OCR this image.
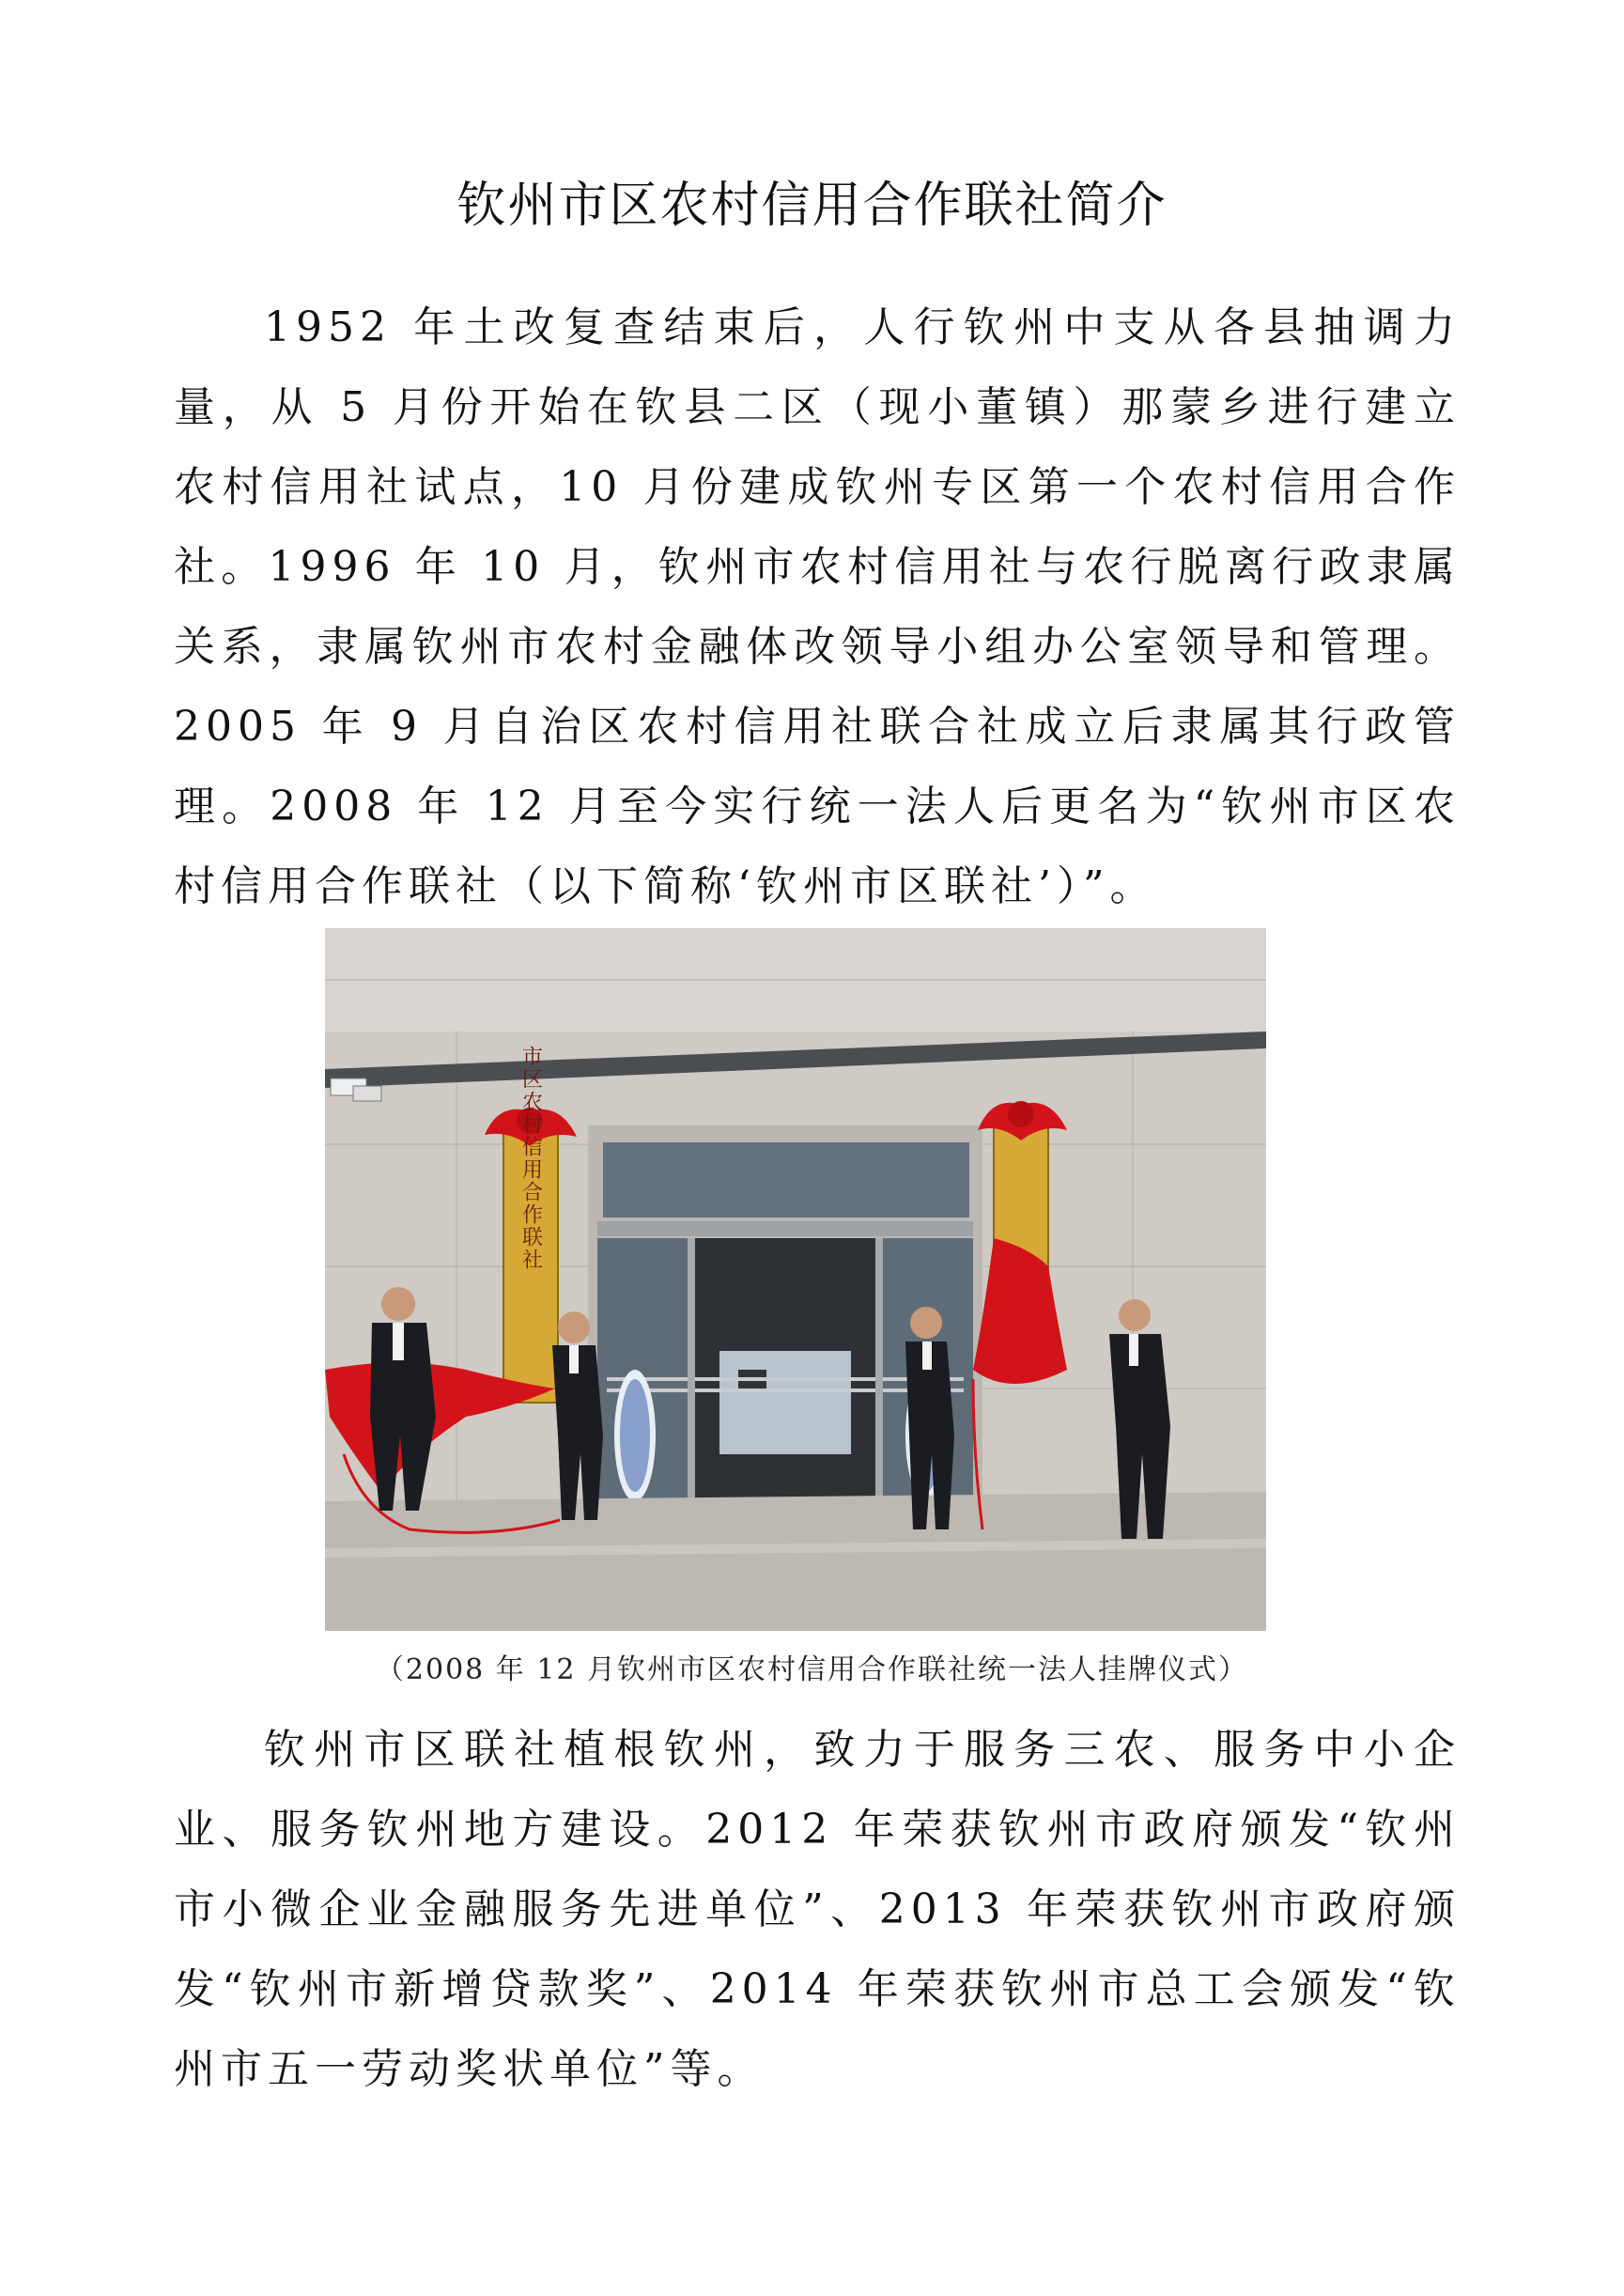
钦州市区农村信用合作联社简介
1952 年土改复查结束后，人行钦州中支从各县抽调力量，从 5 月份开始在钦县二区（现小董镇）那蒙乡进行建立农村信用社试点，10 月份建成钦州专区第一个农村信用合作社。1996 年 10 月，钦州市农村信用社与农行脱离行政隶属关系，隶属钦州市农村金融体改领导小组办公室领导和管理。2005 年 9 月自治区农村信用社联合社成立后隶属其行政管理。2008 年 12 月至今实行统一法人后更名为“钦州市区农村信用合作联社（以下简称‘钦州市区联社’）”。
市区农村信用合作联社
（2008 年 12 月钦州市区农村信用合作联社统一法人挂牌仪式）
钦州市区联社植根钦州，致力于服务三农、服务中小企业、服务钦州地方建设。2012 年荣获钦州市政府颁发“钦州市小微企业金融服务先进单位”、2013 年荣获钦州市政府颁发“钦州市新增贷款奖”、2014 年荣获钦州市总工会颁发“钦州市五一劳动奖状单位”等。
